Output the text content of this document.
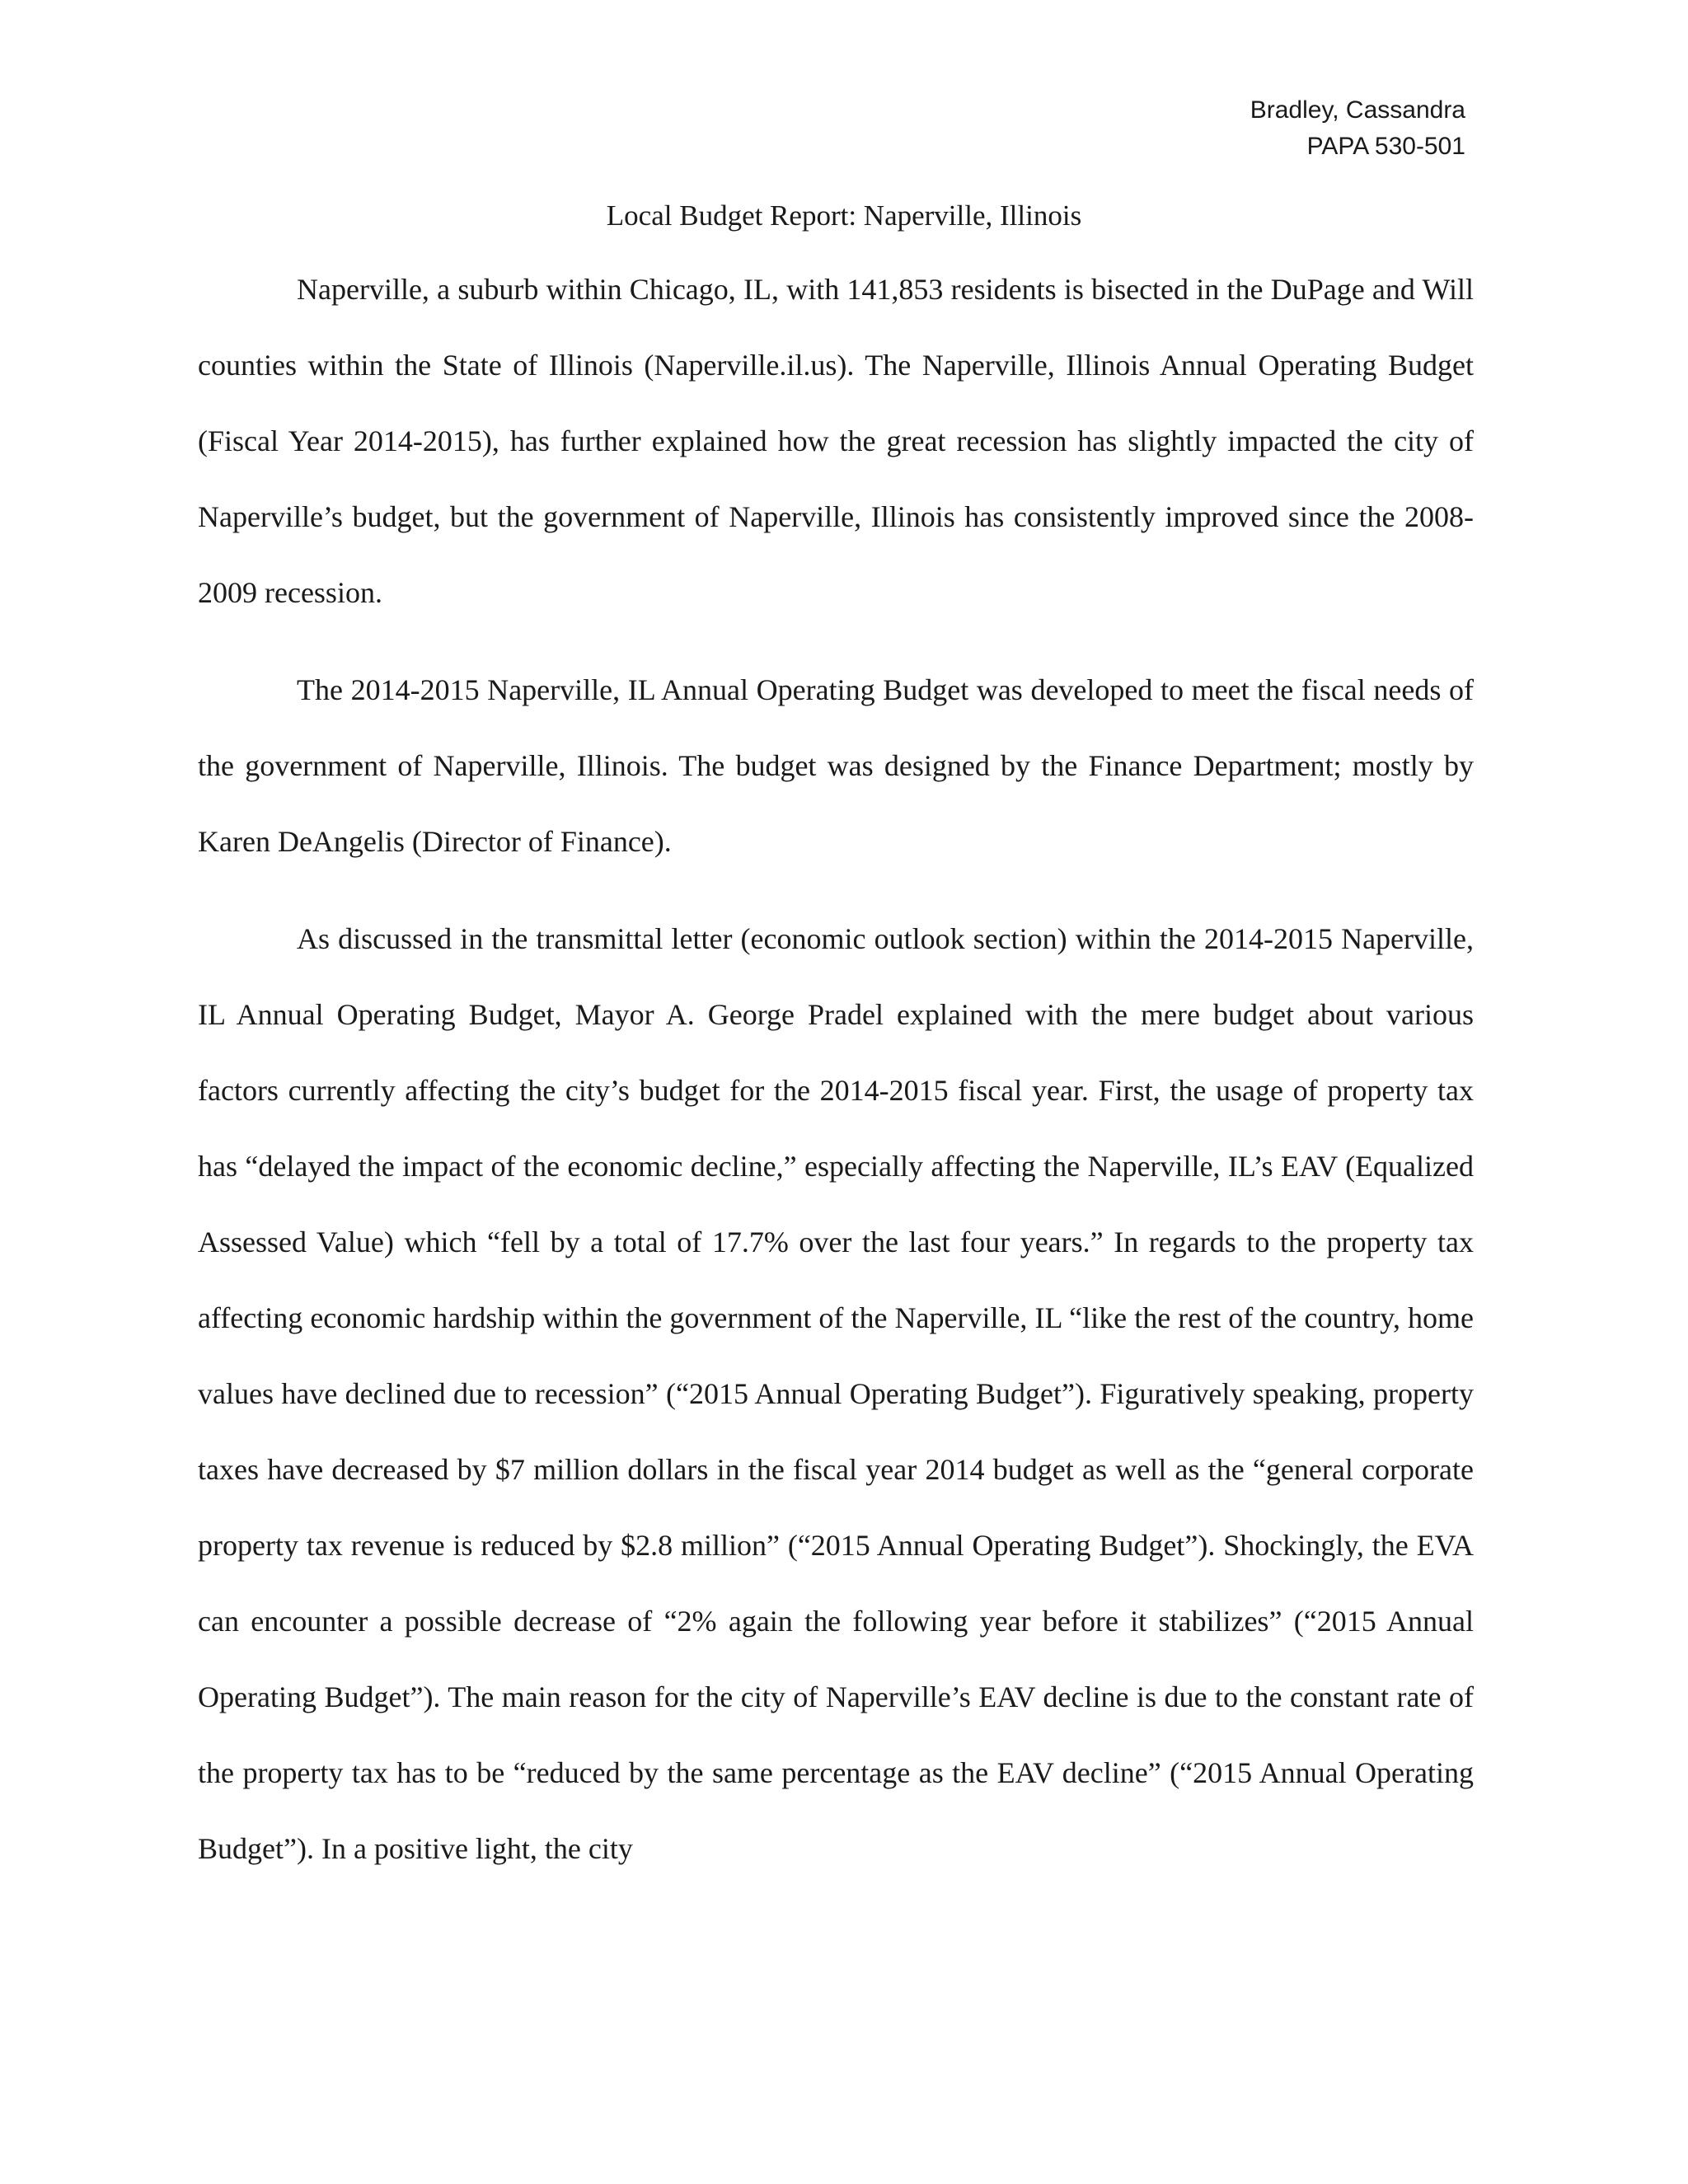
Bradley, Cassandra
PAPA 530-501
Local Budget Report: Naperville, Illinois

Naperville, a suburb within Chicago, IL, with 141,853 residents is bisected in the DuPage and Will counties within the State of Illinois (Naperville.il.us). The Naperville, Illinois Annual Operating Budget (Fiscal Year 2014-2015), has further explained how the great recession has slightly impacted the city of Naperville’s budget, but the government of Naperville, Illinois has consistently improved since the 2008-2009 recession.

The 2014-2015 Naperville, IL Annual Operating Budget was developed to meet the fiscal needs of the government of Naperville, Illinois. The budget was designed by the Finance Department; mostly by Karen DeAngelis (Director of Finance).

As discussed in the transmittal letter (economic outlook section) within the 2014-2015 Naperville, IL Annual Operating Budget, Mayor A. George Pradel explained with the mere budget about various factors currently affecting the city’s budget for the 2014-2015 fiscal year. First, the usage of property tax has “delayed the impact of the economic decline,” especially affecting the Naperville, IL’s EAV (Equalized Assessed Value) which “fell by a total of 17.7% over the last four years.” In regards to the property tax affecting economic hardship within the government of the Naperville, IL “like the rest of the country, home values have declined due to recession” (“2015 Annual Operating Budget”). Figuratively speaking, property taxes have decreased by $7 million dollars in the fiscal year 2014 budget as well as the “general corporate property tax revenue is reduced by $2.8 million” (“2015 Annual Operating Budget”). Shockingly, the EVA can encounter a possible decrease of “2% again the following year before it stabilizes” (“2015 Annual Operating Budget”). The main reason for the city of Naperville’s EAV decline is due to the constant rate of the property tax has to be “reduced by the same percentage as the EAV decline” (“2015 Annual Operating Budget”). In a positive light, the city
